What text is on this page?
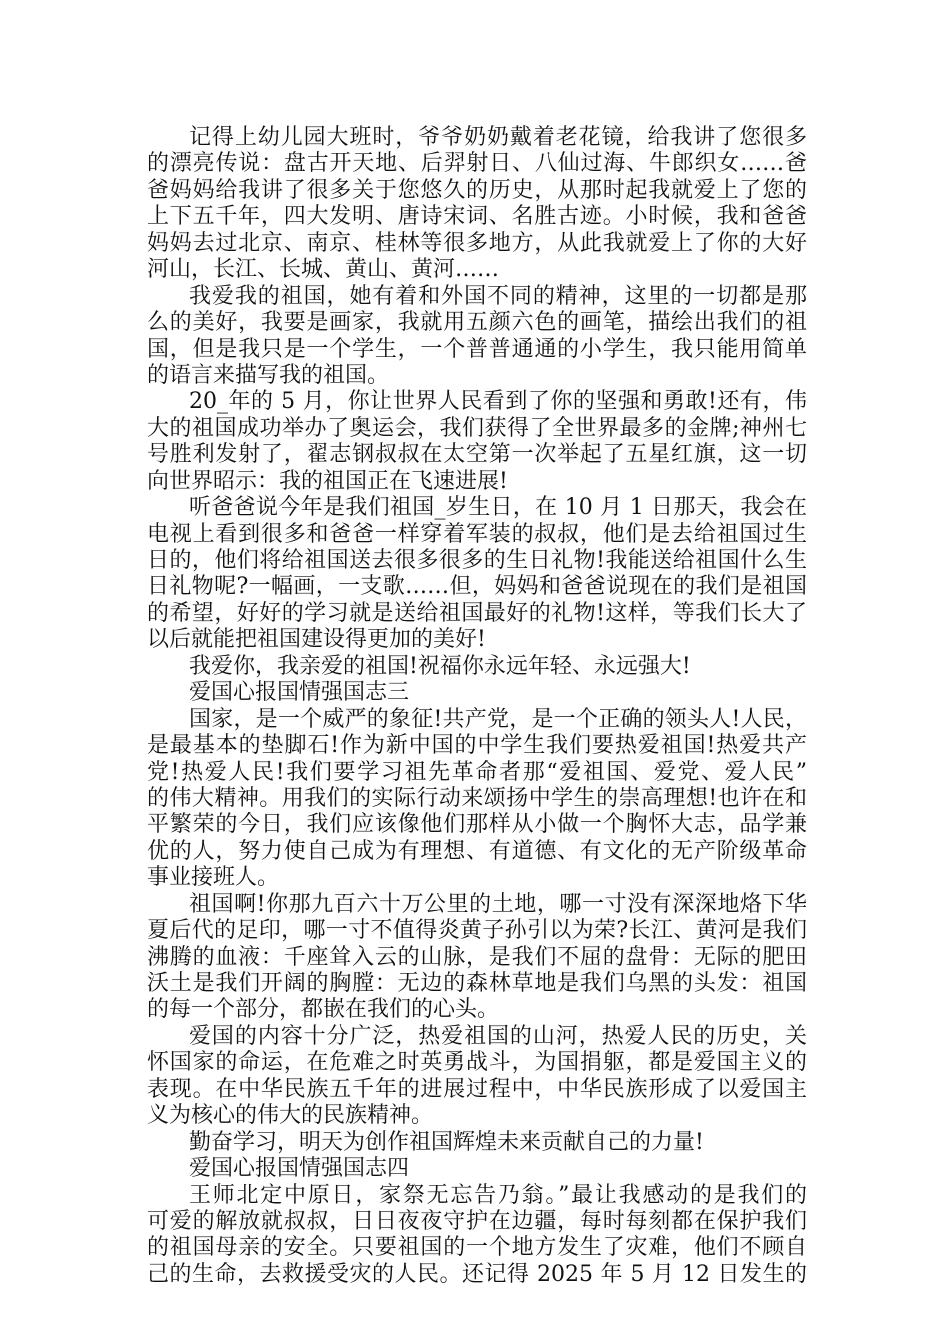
记得上幼儿园大班时，爷爷奶奶戴着老花镜，给我讲了您很多
的漂亮传说：盘古开天地、后羿射日、八仙过海、牛郎织女……爸
爸妈妈给我讲了很多关于您悠久的历史，从那时起我就爱上了您的
上下五千年，四大发明、唐诗宋词、名胜古迹。小时候，我和爸爸
妈妈去过北京、南京、桂林等很多地方，从此我就爱上了你的大好
河山，长江、长城、黄山、黄河……
我爱我的祖国，她有着和外国不同的精神，这里的一切都是那
么的美好，我要是画家，我就用五颜六色的画笔，描绘出我们的祖
国，但是我只是一个学生，一个普普通通的小学生，我只能用简单
的语言来描写我的祖国。
20_年的 5 月，你让世界人民看到了你的坚强和勇敢!还有，伟
大的祖国成功举办了奥运会，我们获得了全世界最多的金牌;神州七
号胜利发射了，翟志钢叔叔在太空第一次举起了五星红旗，这一切
向世界昭示：我的祖国正在飞速进展!
听爸爸说今年是我们祖国_岁生日，在 10 月 1 日那天，我会在
电视上看到很多和爸爸一样穿着军装的叔叔，他们是去给祖国过生
日的，他们将给祖国送去很多很多的生日礼物!我能送给祖国什么生
日礼物呢?一幅画，一支歌……但，妈妈和爸爸说现在的我们是祖国
的希望，好好的学习就是送给祖国最好的礼物!这样，等我们长大了
以后就能把祖国建设得更加的美好!
我爱你，我亲爱的祖国!祝福你永远年轻、永远强大!
爱国心报国情强国志三
国家，是一个威严的象征!共产党，是一个正确的领头人!人民，
是最基本的垫脚石!作为新中国的中学生我们要热爱祖国!热爱共产
党!热爱人民!我们要学习祖先革命者那“爱祖国、爱党、爱人民”
的伟大精神。用我们的实际行动来颂扬中学生的崇高理想!也许在和
平繁荣的今日，我们应该像他们那样从小做一个胸怀大志，品学兼
优的人，努力使自己成为有理想、有道德、有文化的无产阶级革命
事业接班人。
祖国啊!你那九百六十万公里的土地，哪一寸没有深深地烙下华
夏后代的足印，哪一寸不值得炎黄子孙引以为荣?长江、黄河是我们
沸腾的血液：千座耸入云的山脉，是我们不屈的盘骨：无际的肥田
沃土是我们开阔的胸膛：无边的森林草地是我们乌黑的头发：祖国
的每一个部分，都嵌在我们的心头。
爱国的内容十分广泛，热爱祖国的山河，热爱人民的历史，关
怀国家的命运，在危难之时英勇战斗，为国捐躯，都是爱国主义的
表现。在中华民族五千年的进展过程中，中华民族形成了以爱国主
义为核心的伟大的民族精神。
勤奋学习，明天为创作祖国辉煌未来贡献自己的力量!
爱国心报国情强国志四
王师北定中原日，家祭无忘告乃翁。”最让我感动的是我们的
可爱的解放就叔叔，日日夜夜守护在边疆，每时每刻都在保护我们
的祖国母亲的安全。只要祖国的一个地方发生了灾难，他们不顾自
己的生命，去救援受灾的人民。还记得 2025 年 5 月 12 日发生的
